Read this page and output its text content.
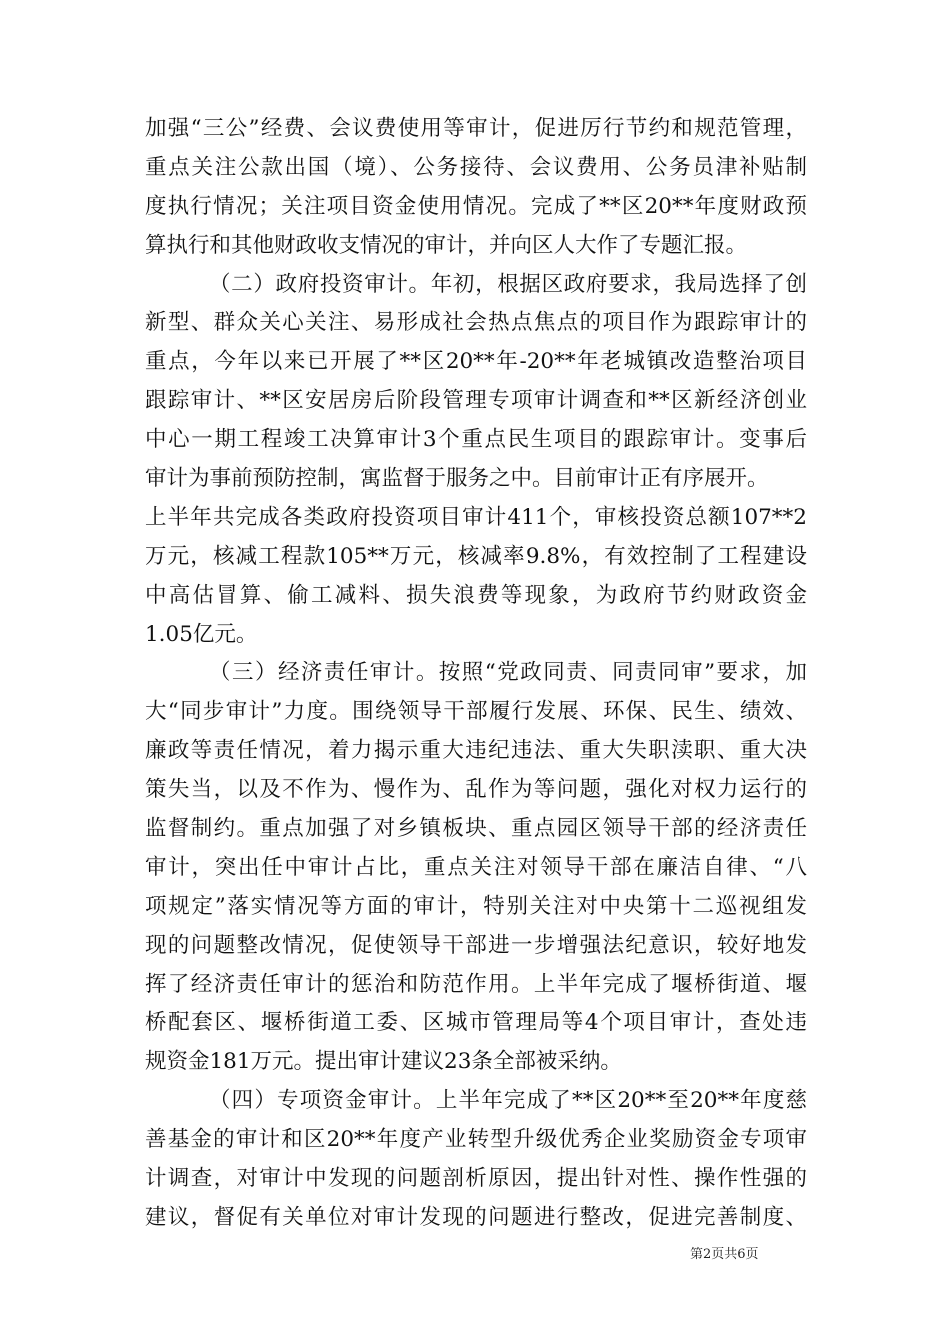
加强“三公”经费、会议费使用等审计，促进厉行节约和规范管理，
重点关注公款出国（境）、公务接待、会议费用、公务员津补贴制
度执行情况；关注项目资金使用情况。完成了**区20**年度财政预
算执行和其他财政收支情况的审计，并向区人大作了专题汇报。
（二）政府投资审计。年初，根据区政府要求，我局选择了创
新型、群众关心关注、易形成社会热点焦点的项目作为跟踪审计的
重点，今年以来已开展了**区20**年-20**年老城镇改造整治项目
跟踪审计、**区安居房后阶段管理专项审计调查和**区新经济创业
中心一期工程竣工决算审计3个重点民生项目的跟踪审计。变事后
审计为事前预防控制，寓监督于服务之中。目前审计正有序展开。
上半年共完成各类政府投资项目审计411个，审核投资总额107**2
万元，核减工程款105**万元，核减率9.8%，有效控制了工程建设
中高估冒算、偷工减料、损失浪费等现象，为政府节约财政资金
1.05亿元。
（三）经济责任审计。按照“党政同责、同责同审”要求，加
大“同步审计”力度。围绕领导干部履行发展、环保、民生、绩效、
廉政等责任情况，着力揭示重大违纪违法、重大失职渎职、重大决
策失当，以及不作为、慢作为、乱作为等问题，强化对权力运行的
监督制约。重点加强了对乡镇板块、重点园区领导干部的经济责任
审计，突出任中审计占比，重点关注对领导干部在廉洁自律、“八
项规定”落实情况等方面的审计，特别关注对中央第十二巡视组发
现的问题整改情况，促使领导干部进一步增强法纪意识，较好地发
挥了经济责任审计的惩治和防范作用。上半年完成了堰桥街道、堰
桥配套区、堰桥街道工委、区城市管理局等4个项目审计，查处违
规资金181万元。提出审计建议23条全部被采纳。
（四）专项资金审计。上半年完成了**区20**至20**年度慈
善基金的审计和区20**年度产业转型升级优秀企业奖励资金专项审
计调查，对审计中发现的问题剖析原因，提出针对性、操作性强的
建议，督促有关单位对审计发现的问题进行整改，促进完善制度、
第2页共6页
